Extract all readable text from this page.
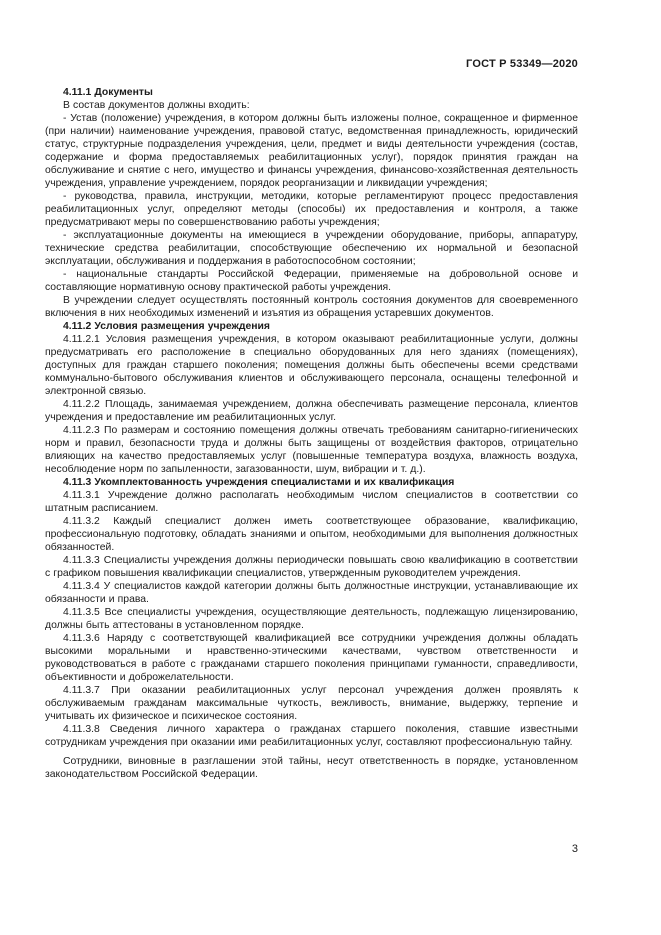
ГОСТ Р 53349—2020

4.11.1 Документы

В состав документов должны входить:

- Устав (положение) учреждения, в котором должны быть изложены полное, сокращенное и фирменное (при наличии) наименование учреждения, правовой статус, ведомственная принадлежность, юридический статус, структурные подразделения учреждения, цели, предмет и виды деятельности учреждения (состав, содержание и форма предоставляемых реабилитационных услуг), порядок принятия граждан на обслуживание и снятие с него, имущество и финансы учреждения, финансово-хозяйственная деятельность учреждения, управление учреждением, порядок реорганизации и ликвидации учреждения;

- руководства, правила, инструкции, методики, которые регламентируют процесс предоставления реабилитационных услуг, определяют методы (способы) их предоставления и контроля, а также предусматривают меры по совершенствованию работы учреждения;

- эксплуатационные документы на имеющиеся в учреждении оборудование, приборы, аппаратуру, технические средства реабилитации, способствующие обеспечению их нормальной и безопасной эксплуатации, обслуживания и поддержания в работоспособном состоянии;

- национальные стандарты Российской Федерации, применяемые на добровольной основе и составляющие нормативную основу практической работы учреждения.

В учреждении следует осуществлять постоянный контроль состояния документов для своевременного включения в них необходимых изменений и изъятия из обращения устаревших документов.

4.11.2 Условия размещения учреждения

4.11.2.1 Условия размещения учреждения, в котором оказывают реабилитационные услуги, должны предусматривать его расположение в специально оборудованных для него зданиях (помещениях), доступных для граждан старшего поколения; помещения должны быть обеспечены всеми средствами коммунально-бытового обслуживания клиентов и обслуживающего персонала, оснащены телефонной и электронной связью.

4.11.2.2 Площадь, занимаемая учреждением, должна обеспечивать размещение персонала, клиентов учреждения и предоставление им реабилитационных услуг.

4.11.2.3 По размерам и состоянию помещения должны отвечать требованиям санитарно-гигиенических норм и правил, безопасности труда и должны быть защищены от воздействия факторов, отрицательно влияющих на качество предоставляемых услуг (повышенные температура воздуха, влажность воздуха, несоблюдение норм по запыленности, загазованности, шум, вибрации и т. д.).

4.11.3 Укомплектованность учреждения специалистами и их квалификация

4.11.3.1 Учреждение должно располагать необходимым числом специалистов в соответствии со штатным расписанием.

4.11.3.2 Каждый специалист должен иметь соответствующее образование, квалификацию, профессиональную подготовку, обладать знаниями и опытом, необходимыми для выполнения должностных обязанностей.

4.11.3.3 Специалисты учреждения должны периодически повышать свою квалификацию в соответствии с графиком повышения квалификации специалистов, утвержденным руководителем учреждения.

4.11.3.4 У специалистов каждой категории должны быть должностные инструкции, устанавливающие их обязанности и права.

4.11.3.5 Все специалисты учреждения, осуществляющие деятельность, подлежащую лицензированию, должны быть аттестованы в установленном порядке.

4.11.3.6 Наряду с соответствующей квалификацией все сотрудники учреждения должны обладать высокими моральными и нравственно-этическими качествами, чувством ответственности и руководствоваться в работе с гражданами старшего поколения принципами гуманности, справедливости, объективности и доброжелательности.

4.11.3.7 При оказании реабилитационных услуг персонал учреждения должен проявлять к обслуживаемым гражданам максимальные чуткость, вежливость, внимание, выдержку, терпение и учитывать их физическое и психическое состояния.

4.11.3.8 Сведения личного характера о гражданах старшего поколения, ставшие известными сотрудникам учреждения при оказании ими реабилитационных услуг, составляют профессиональную тайну.

Сотрудники, виновные в разглашении этой тайны, несут ответственность в порядке, установленном законодательством Российской Федерации.

3
